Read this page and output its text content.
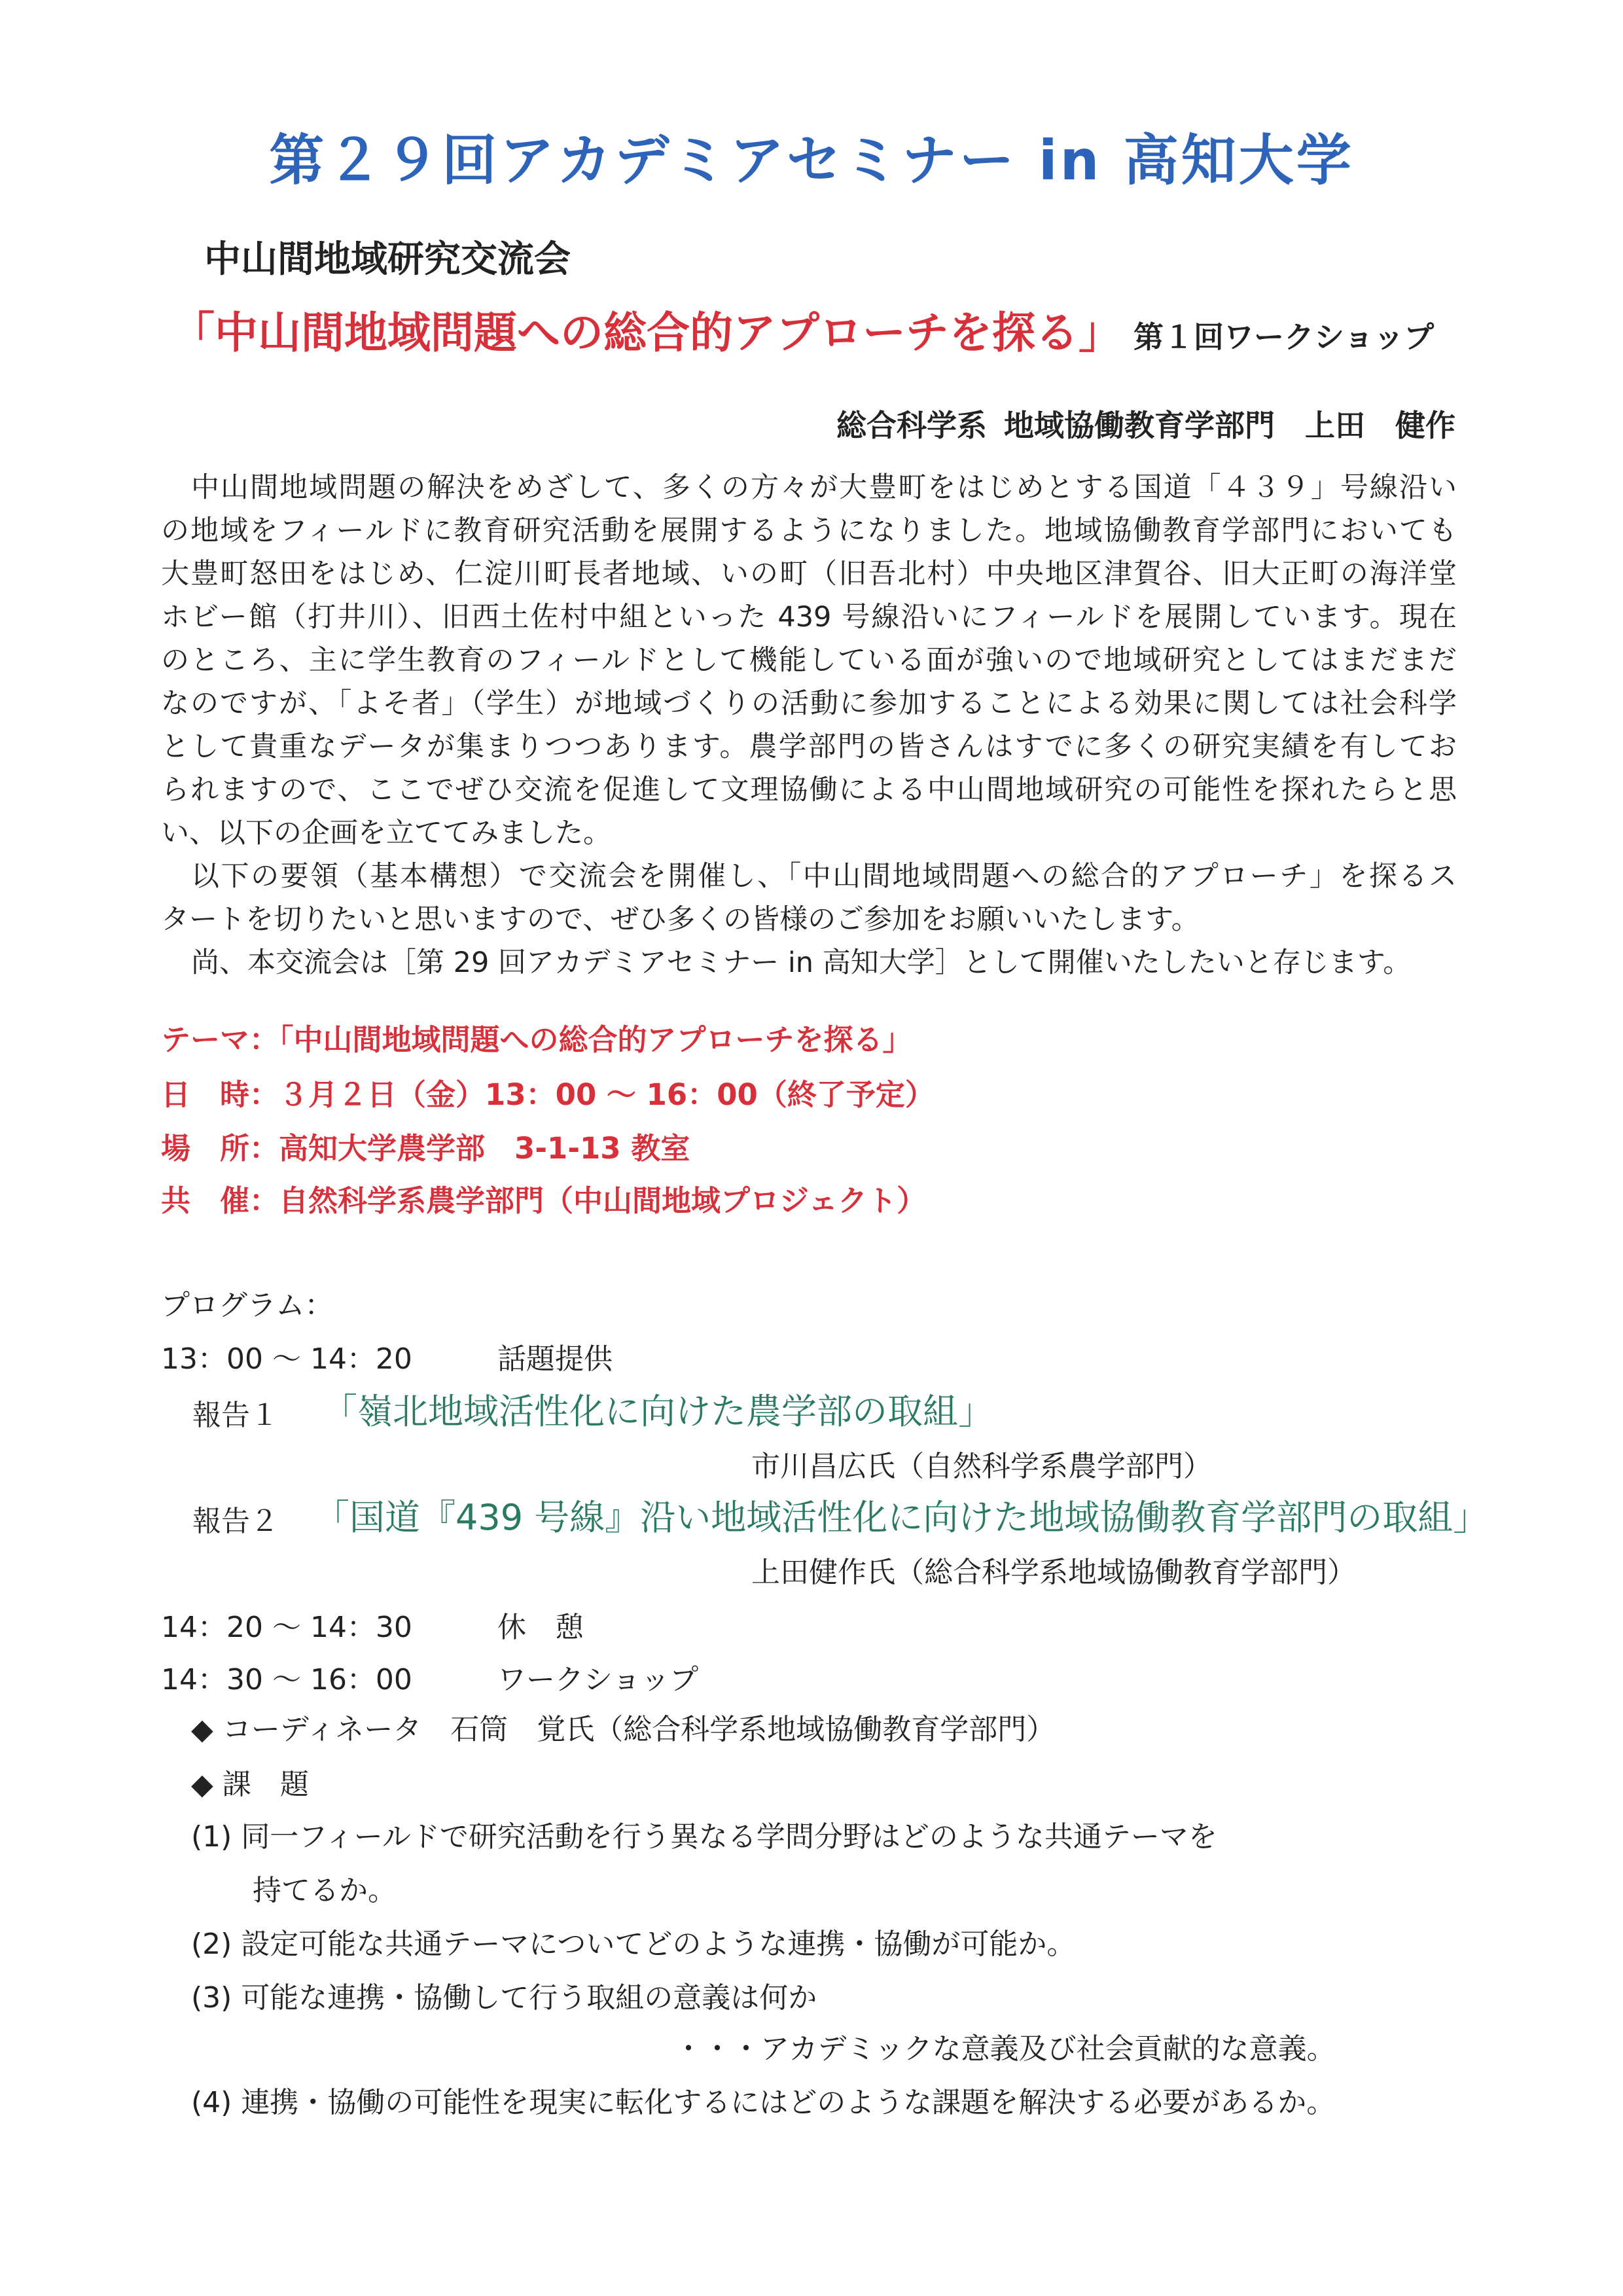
第２９回アカデミアセミナー in 高知大学
中山間地域研究交流会
「中山間地域問題への総合的アプローチを探る」 第１回ワークショップ
総合科学系 地域協働教育学部門　上田　健作
中山間地域問題の解決をめざして、多くの方々が大豊町をはじめとする国道「４３９」号線沿い
の地域をフィールドに教育研究活動を展開するようになりました。地域協働教育学部門においても
大豊町怒田をはじめ、仁淀川町長者地域、いの町（旧吾北村）中央地区津賀谷、旧大正町の海洋堂
ホビー館（打井川）、旧西土佐村中組といった 439 号線沿いにフィールドを展開しています。現在
のところ、主に学生教育のフィールドとして機能している面が強いので地域研究としてはまだまだ
なのですが、「よそ者」（学生）が地域づくりの活動に参加することによる効果に関しては社会科学
として貴重なデータが集まりつつあります。農学部門の皆さんはすでに多くの研究実績を有してお
られますので、ここでぜひ交流を促進して文理協働による中山間地域研究の可能性を探れたらと思
い、以下の企画を立ててみました。
以下の要領（基本構想）で交流会を開催し、「中山間地域問題への総合的アプローチ」を探るス
タートを切りたいと思いますので、ぜひ多くの皆様のご参加をお願いいたします。
尚、本交流会は［第 29 回アカデミアセミナー in 高知大学］として開催いたしたいと存じます。
テーマ：「中山間地域問題への総合的アプローチを探る」
日　時：３月２日（金）13：00 ～ 16：00（終了予定）
場　所：高知大学農学部　3-1-13 教室
共　催：自然科学系農学部門（中山間地域プロジェクト）
プログラム：
13：00 ～ 14：20	話題提供
報告１ 「嶺北地域活性化に向けた農学部の取組」
市川昌広氏（自然科学系農学部門）
報告２ 「国道『439 号線』沿い地域活性化に向けた地域協働教育学部門の取組」
上田健作氏（総合科学系地域協働教育学部門）
14：20 ～ 14：30	休　憩
14：30 ～ 16：00	ワークショップ
◆ コーディネータ　石筒　覚氏（総合科学系地域協働教育学部門）
◆ 課　題
(1) 同一フィールドで研究活動を行う異なる学問分野はどのような共通テーマを
持てるか。
(2) 設定可能な共通テーマについてどのような連携・協働が可能か。
(3) 可能な連携・協働して行う取組の意義は何か
・・・アカデミックな意義及び社会貢献的な意義。
(4) 連携・協働の可能性を現実に転化するにはどのような課題を解決する必要があるか。
